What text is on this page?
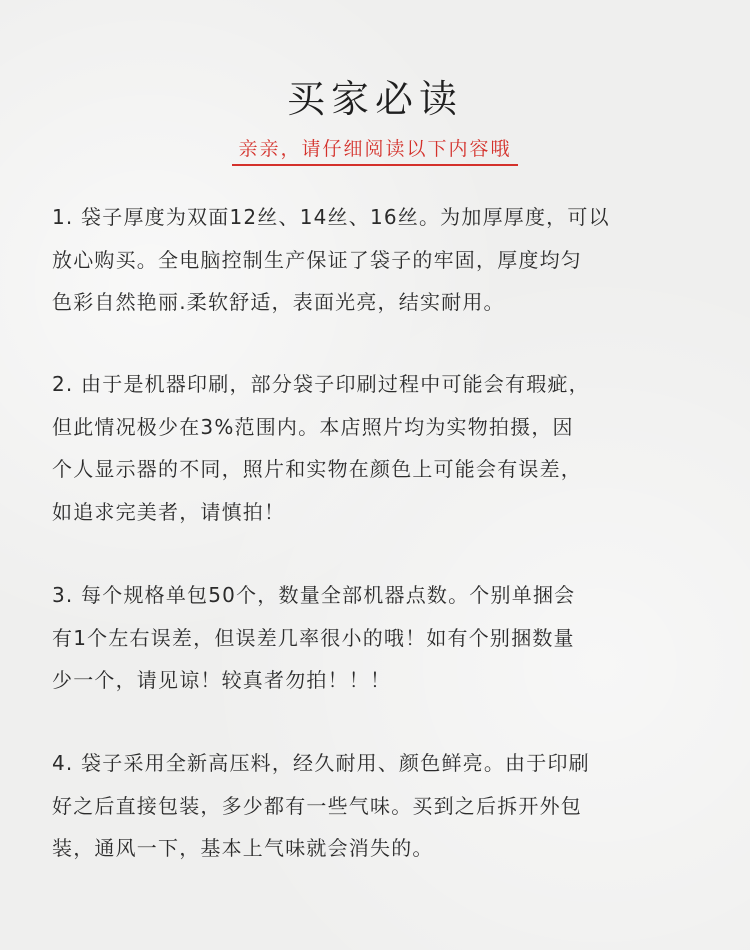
买家必读
亲亲，请仔细阅读以下内容哦
1. 袋子厚度为双面12丝、14丝、16丝。为加厚厚度，可以
放心购买。全电脑控制生产保证了袋子的牢固，厚度均匀
色彩自然艳丽.柔软舒适，表面光亮，结实耐用。
2. 由于是机器印刷，部分袋子印刷过程中可能会有瑕疵，
但此情况极少在3%范围内。本店照片均为实物拍摄，因
个人显示器的不同，照片和实物在颜色上可能会有误差，
如追求完美者，请慎拍！
3. 每个规格单包50个，数量全部机器点数。个别单捆会
有1个左右误差，但误差几率很小的哦！如有个别捆数量
少一个，请见谅！较真者勿拍！！！
4. 袋子采用全新高压料，经久耐用、颜色鲜亮。由于印刷
好之后直接包装，多少都有一些气味。买到之后拆开外包
装，通风一下，基本上气味就会消失的。
